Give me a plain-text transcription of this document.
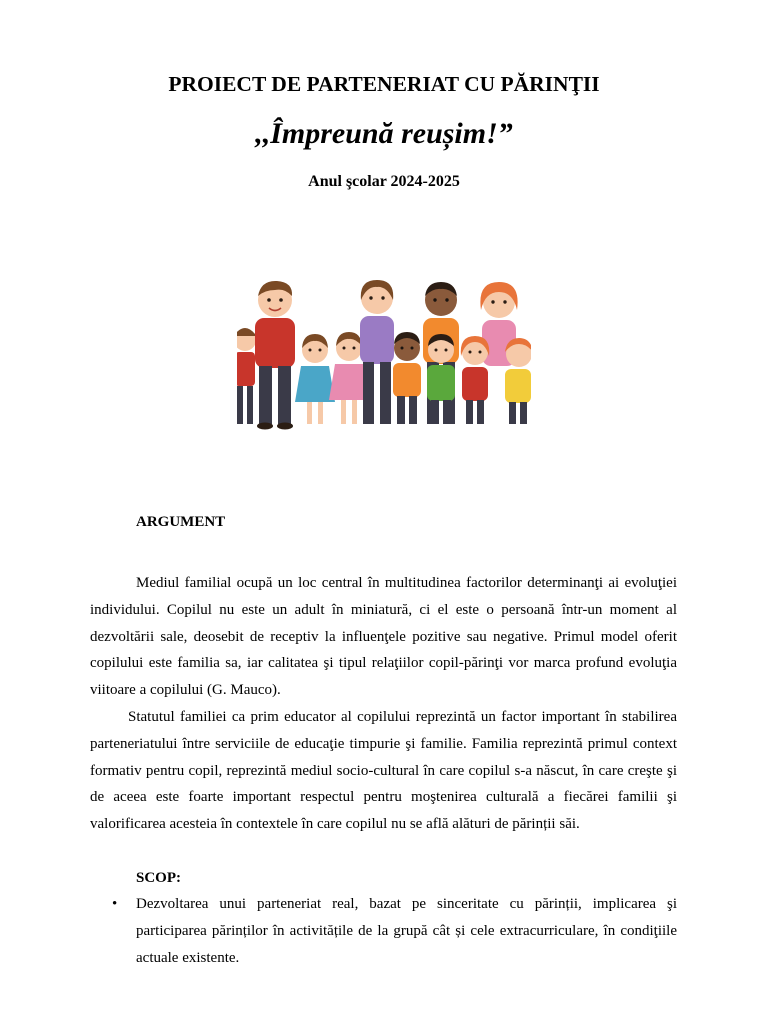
PROIECT DE PARTENERIAT CU PĂRINŢII
,,Împreună reușim!”
Anul şcolar 2024-2025
ARGUMENT
Mediul familial ocupă un loc central în multitudinea factorilor determinanţi ai evoluţiei individului. Copilul nu este un adult în miniatură, ci el este o persoană într-un moment al dezvoltării sale, deosebit de receptiv la influenţele pozitive sau negative. Primul model oferit copilului este familia sa, iar calitatea şi tipul relaţiilor copil-părinţi vor marca profund evoluţia viitoare a copilului (G. Mauco).
Statutul familiei ca prim educator al copilului reprezintă un factor important în stabilirea parteneriatului între serviciile de educaţie timpurie şi familie. Familia reprezintă primul context formativ pentru copil, reprezintă mediul socio-cultural în care copilul s-a născut, în care creşte şi de aceea este foarte important respectul pentru moştenirea culturală a fiecărei familii şi valorificarea acesteia în contextele în care copilul nu se află alături de părinții săi.
SCOP:
• Dezvoltarea unui parteneriat real, bazat pe sinceritate cu părinții, implicarea şi participarea părinților în activitățile de la grupă cât și cele extracurriculare, în condiţiile actuale existente.
